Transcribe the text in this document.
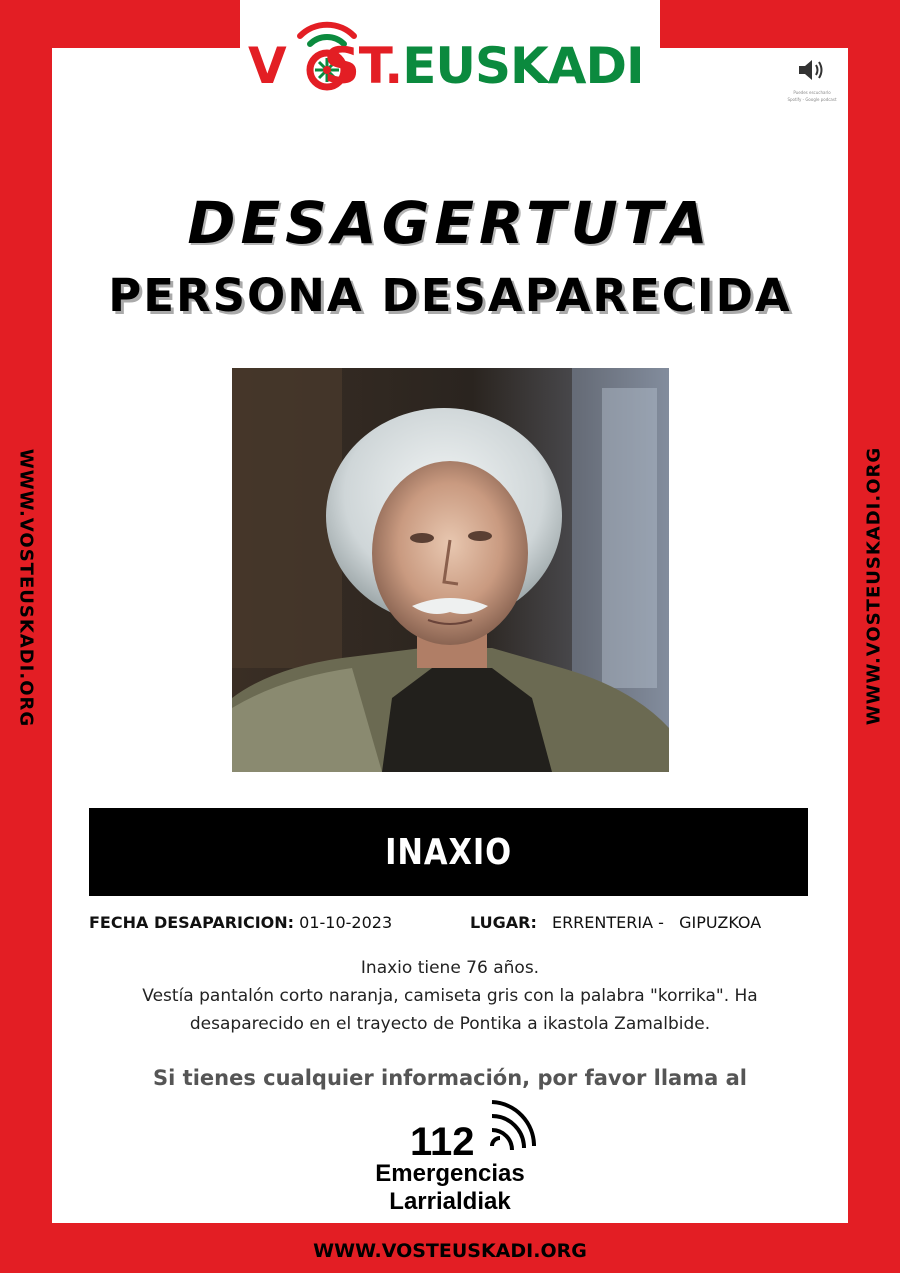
V ST.EUSKADI	Puedes escucharlo
Spotify - Google podcast
DESAGERTUTA
PERSONA DESAPARECIDA
INAXIO
FECHA DESAPARICION: 01-10-2023	LUGAR: ERRENTERIA -   GIPUZKOA
Inaxio tiene 76 años.
Vestía pantalón corto naranja, camiseta gris con la palabra "korrika". Ha
desaparecido en el trayecto de Pontika a ikastola Zamalbide.
Si tienes cualquier información, por favor llama al
112
Emergencias
Larrialdiak
WWW.VOSTEUSKADI.ORG	WWW.VOSTEUSKADI.ORG
WWW.VOSTEUSKADI.ORG
